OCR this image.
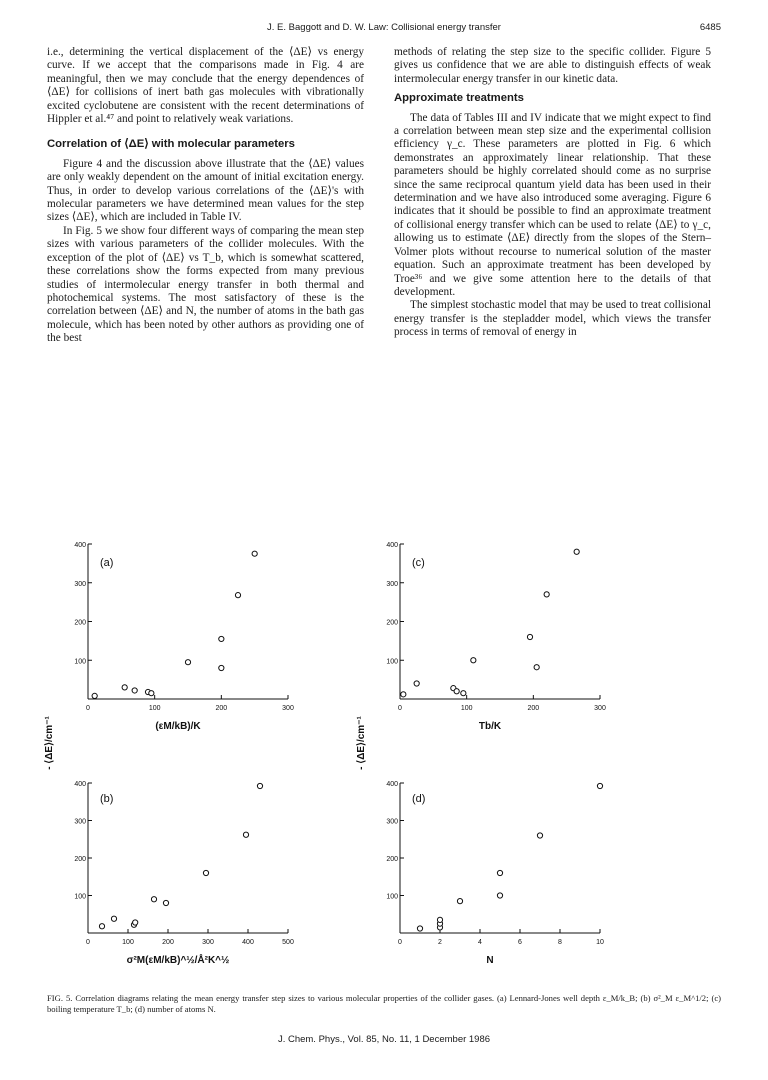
J. E. Baggott and D. W. Law: Collisional energy transfer	6485

i.e., determining the vertical displacement of the ⟨ΔE⟩ vs energy curve. If we accept that the comparisons made in Fig. 4 are meaningful, then we may conclude that the energy dependences of ⟨ΔE⟩ for collisions of inert bath gas molecules with vibrationally excited cyclobutene are consistent with the recent determinations of Hippler et al.⁴⁷ and point to relatively weak variations.

Correlation of ⟨ΔE⟩ with molecular parameters

Figure 4 and the discussion above illustrate that the ⟨ΔE⟩ values are only weakly dependent on the amount of initial excitation energy. Thus, in order to develop various correlations of the ⟨ΔE⟩'s with molecular parameters we have determined mean values for the step sizes ⟨ΔE⟩, which are included in Table IV.

In Fig. 5 we show four different ways of comparing the mean step sizes with various parameters of the collider molecules. With the exception of the plot of ⟨ΔE⟩ vs T_b, which is somewhat scattered, these correlations show the forms expected from many previous studies of intermolecular energy transfer in both thermal and photochemical systems. The most satisfactory of these is the correlation between ⟨ΔE⟩ and N, the number of atoms in the bath gas molecule, which has been noted by other authors as providing one of the best

methods of relating the step size to the specific collider. Figure 5 gives us confidence that we are able to distinguish effects of weak intermolecular energy transfer in our kinetic data.

Approximate treatments

The data of Tables III and IV indicate that we might expect to find a correlation between mean step size and the experimental collision efficiency γ_c. These parameters are plotted in Fig. 6 which demonstrates an approximately linear relationship. That these parameters should be highly correlated should come as no surprise since the same reciprocal quantum yield data has been used in their determination and we have also introduced some averaging. Figure 6 indicates that it should be possible to find an approximate treatment of collisional energy transfer which can be used to relate ⟨ΔE⟩ to γ_c, allowing us to estimate ⟨ΔE⟩ directly from the slopes of the Stern–Volmer plots without recourse to numerical solution of the master equation. Such an approximate treatment has been developed by Troe³⁶ and we give some attention here to the details of that development.

The simplest stochastic model that may be used to treat collisional energy transfer is the stepladder model, which views the transfer process in terms of removal of energy in

100
200
300
400
0	100	200	300
(a)
(εM/kB)/K
100
200
300
400
0	100	200	300	400	500
(b)
σ²M(εM/kB)^½/Å²K^½
100
200
300
400
0	100	200	300
(c)
Tb/K
100
200
300
400
0	2	4	6	8	10
(d)
N
- ⟨ΔE⟩/cm⁻¹	- ⟨ΔE⟩/cm⁻¹
FIG. 5. Correlation diagrams relating the mean energy transfer step sizes to various molecular properties of the collider gases. (a) Lennard-Jones well depth ε_M/k_B; (b) σ²_M ε_M^1/2; (c) boiling temperature T_b; (d) number of atoms N.
J. Chem. Phys., Vol. 85, No. 11, 1 December 1986
